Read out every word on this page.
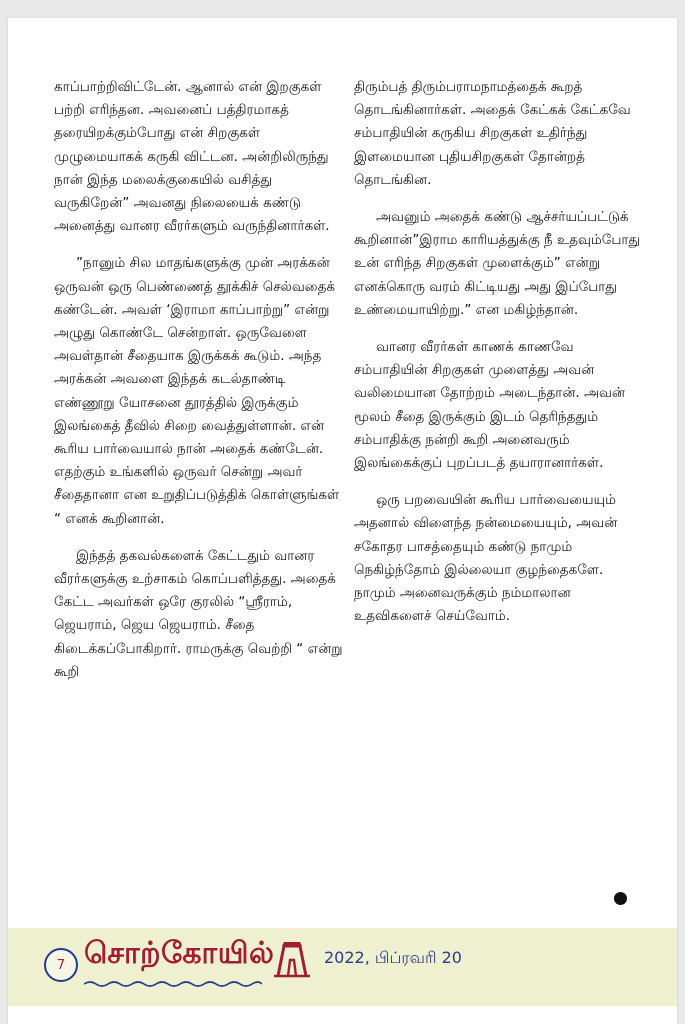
காப்பாற்றிவிட்டேன். ஆனால் என் இறகுகள் பற்றி எரிந்தன. அவனைப் பத்திரமாகத் தரையிறக்கும்போது என் சிறகுகள் முழுமையாகக் கருகி விட்டன. அன்றிலிருந்து நான் இந்த மலைக்குகையில் வசித்து வருகிறேன்” அவனது நிலையைக் கண்டு அனைத்து வானர வீரர்களும் வருந்தினார்கள்.

”நானும் சில மாதங்களுக்கு முன் அரக்கன் ஒருவன் ஒரு பெண்ணைத் தூக்கிச் செல்வதைக் கண்டேன். அவள் ‘இராமா காப்பாற்று” என்று அழுது கொண்டே சென்றாள். ஒருவேளை அவள்தான் சீதையாக இருக்கக் கூடும். அந்த அரக்கன் அவளை இந்தக் கடல்தாண்டி எண்ணூறு யோசனை தூரத்தில் இருக்கும் இலங்கைத் தீவில் சிறை வைத்துள்ளான். என் கூரிய பார்வையால் நான் அதைக் கண்டேன். எதற்கும் உங்களில் ஒருவர் சென்று அவர் சீதைதானா என உறுதிப்படுத்திக் கொள்ளுங்கள் “ எனக் கூறினான்.

இந்தத் தகவல்களைக் கேட்டதும் வானர வீரர்களுக்கு உற்சாகம் கொப்பளித்தது. அதைக் கேட்ட அவர்கள் ஒரே குரலில் “ஸ்ரீராம், ஜெயராம், ஜெய ஜெயராம். சீதை கிடைக்கப்போகிறார். ராமருக்கு வெற்றி “ என்று கூறி

திரும்பத் திரும்பராமநாமத்தைக் கூறத் தொடங்கினார்கள். அதைக் கேட்கக் கேட்கவே சம்பாதியின் கருகிய சிறகுகள் உதிர்ந்து இளமையான புதியசிறகுகள் தோன்றத் தொடங்கின.

அவனும் அதைக் கண்டு ஆச்சர்யப்பட்டுக் கூறினான்”இராம காரியத்துக்கு நீ உதவும்போது உன் எரிந்த சிறகுகள் முளைக்கும்” என்று எனக்கொரு வரம் கிட்டியது அது இப்போது உண்மையாயிற்று.” என மகிழ்ந்தான்.

வானர வீரர்கள் காணக் காணவே சம்பாதியின் சிறகுகள் முளைத்து அவன் வலிமையான தோற்றம் அடைந்தான். அவன் மூலம் சீதை இருக்கும் இடம் தெரிந்ததும் சம்பாதிக்கு நன்றி கூறி அனைவரும் இலங்கைக்குப் புறப்படத் தயாரானார்கள்.

ஒரு பறவையின் கூரிய பார்வையையும் அதனால் விளைந்த நன்மையையும், அவன் சகோதர பாசத்தையும் கண்டு நாமும் நெகிழ்ந்தோம் இல்லையா குழந்தைகளே. நாமும் அனைவருக்கும் நம்மாலான உதவிகளைச் செய்வோம்.

7 சொற்கோயில்	2022, பிப்ரவரி 20
